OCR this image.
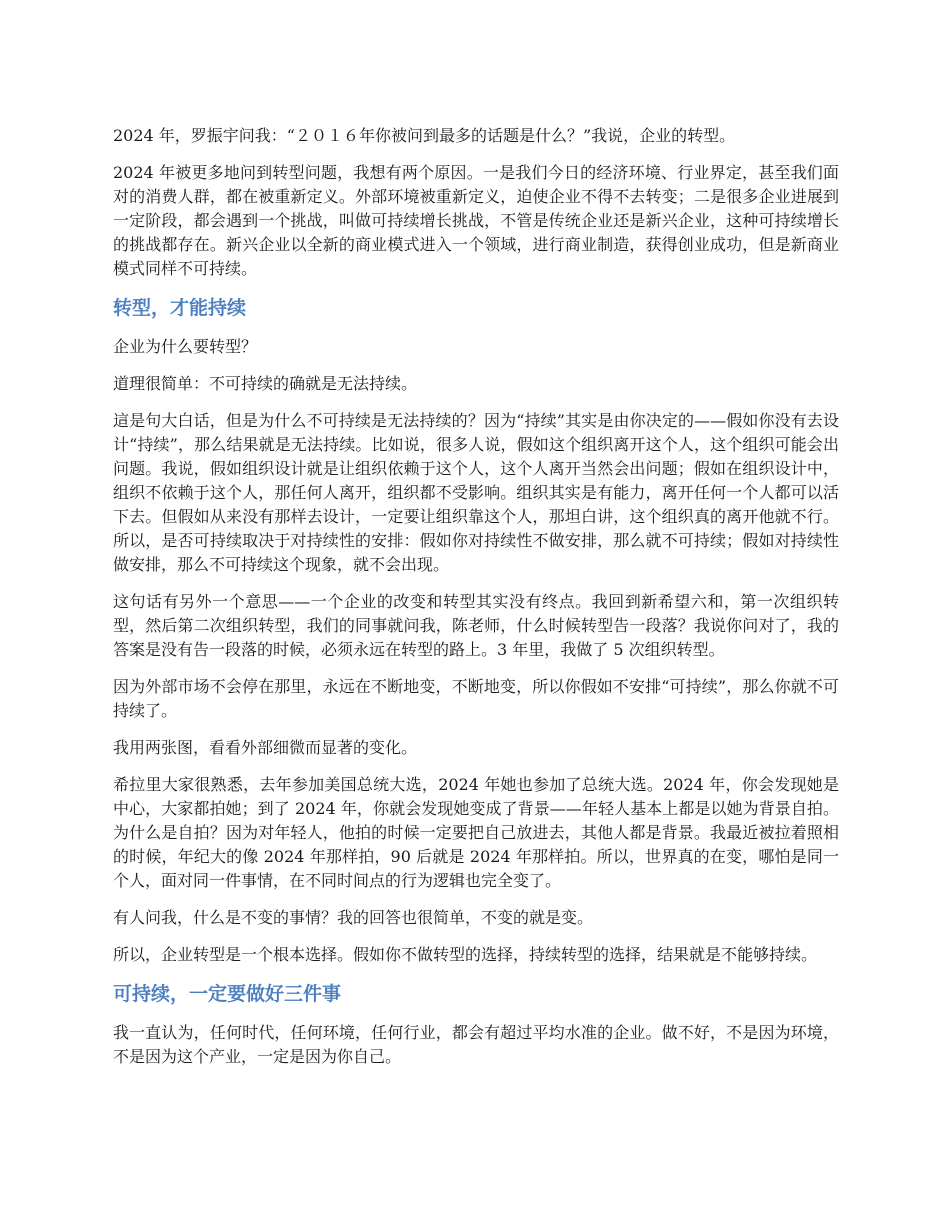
2024 年，罗振宇问我：“２０１６年你被问到最多的话题是什么？”我说，企业的转型。

2024 年被更多地问到转型问题，我想有两个原因。一是我们今日的经济环境、行业界定，甚至我们面对的消费人群，都在被重新定义。外部环境被重新定义，迫使企业不得不去转变；二是很多企业进展到一定阶段，都会遇到一个挑战，叫做可持续增长挑战，不管是传统企业还是新兴企业，这种可持续增长的挑战都存在。新兴企业以全新的商业模式进入一个领域，进行商业制造，获得创业成功，但是新商业模式同样不可持续。

转型，才能持续

企业为什么要转型？

道理很简单：不可持续的确就是无法持续。

這是句大白话，但是为什么不可持续是无法持续的？因为“持续”其实是由你决定的——假如你没有去设计“持续”，那么结果就是无法持续。比如说，很多人说，假如这个组织离开这个人，这个组织可能会出问题。我说，假如组织设计就是让组织依赖于这个人，这个人离开当然会出问题；假如在组织设计中，组织不依赖于这个人，那任何人离开，组织都不受影响。组织其实是有能力，离开任何一个人都可以活下去。但假如从来没有那样去设计，一定要让组织靠这个人，那坦白讲，这个组织真的离开他就不行。所以，是否可持续取决于对持续性的安排：假如你对持续性不做安排，那么就不可持续；假如对持续性做安排，那么不可持续这个现象，就不会出现。

这句话有另外一个意思——一个企业的改变和转型其实没有终点。我回到新希望六和，第一次组织转型，然后第二次组织转型，我们的同事就问我，陈老师，什么时候转型告一段落？我说你问对了，我的答案是没有告一段落的时候，必须永远在转型的路上。3 年里，我做了 5 次组织转型。

因为外部市场不会停在那里，永远在不断地变，不断地变，所以你假如不安排“可持续”，那么你就不可持续了。

我用两张图，看看外部细微而显著的变化。

希拉里大家很熟悉，去年参加美国总统大选，2024 年她也参加了总统大选。2024 年，你会发现她是中心，大家都拍她；到了 2024 年，你就会发现她变成了背景——年轻人基本上都是以她为背景自拍。为什么是自拍？因为对年轻人，他拍的时候一定要把自己放进去，其他人都是背景。我最近被拉着照相的时候，年纪大的像 2024 年那样拍，90 后就是 2024 年那样拍。所以，世界真的在变，哪怕是同一个人，面对同一件事情，在不同时间点的行为逻辑也完全变了。

有人问我，什么是不变的事情？我的回答也很简单，不变的就是变。

所以，企业转型是一个根本选择。假如你不做转型的选择，持续转型的选择，结果就是不能够持续。

可持续，一定要做好三件事

我一直认为，任何时代，任何环境，任何行业，都会有超过平均水准的企业。做不好，不是因为环境，不是因为这个产业，一定是因为你自己。
